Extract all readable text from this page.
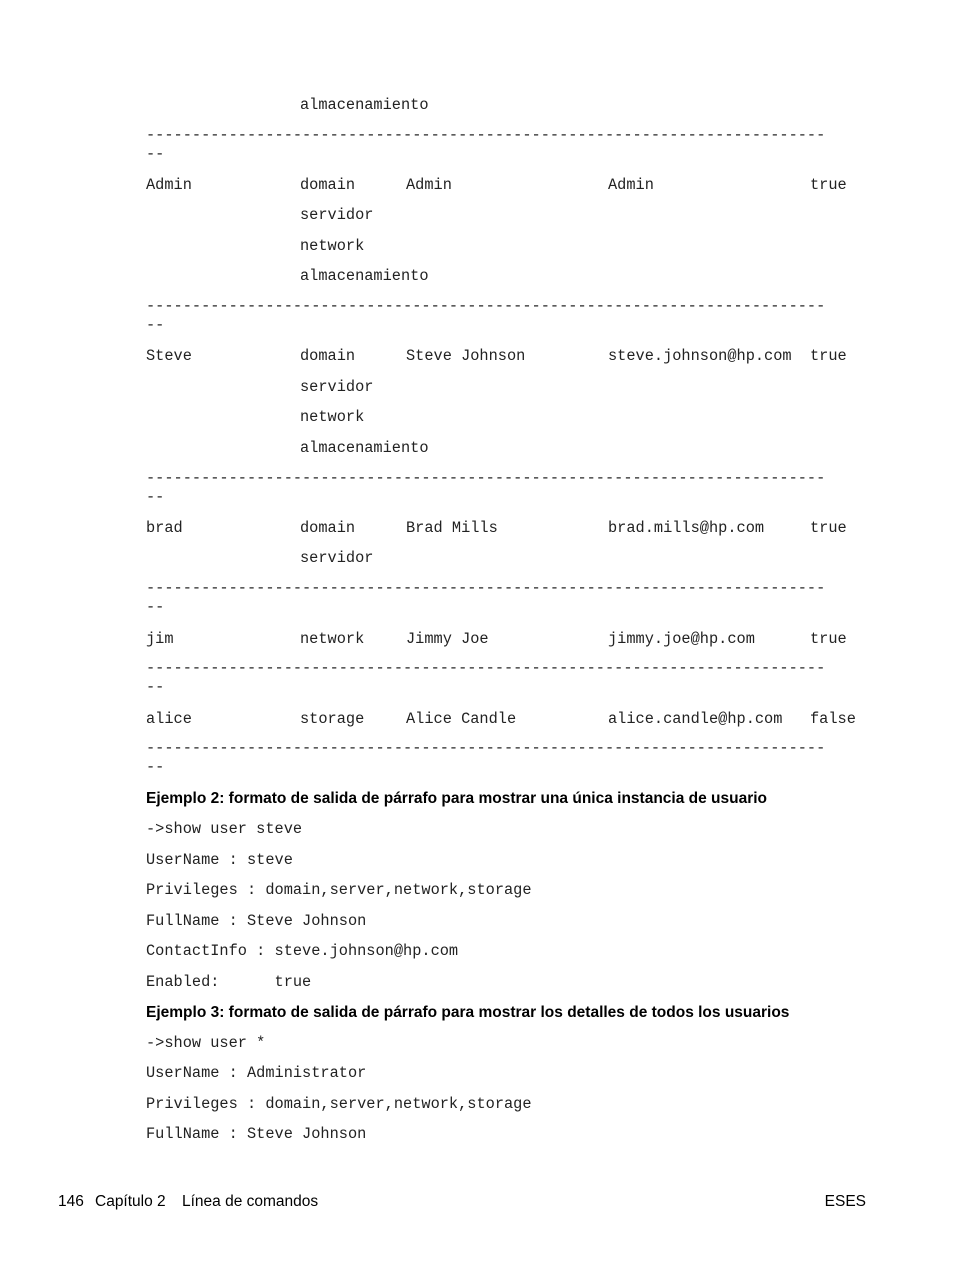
almacenamiento
--------------------------------------------------------------------------
--
Admin	domain	Admin	Admin	true
servidor
network
almacenamiento
--------------------------------------------------------------------------
--
Steve	domain	Steve Johnson	steve.johnson@hp.com true
servidor
network
almacenamiento
--------------------------------------------------------------------------
--
brad	domain	Brad Mills	brad.mills@hp.com	true
servidor
--------------------------------------------------------------------------
--
jim	network	Jimmy Joe	jimmy.joe@hp.com	true
--------------------------------------------------------------------------
--
alice	storage	Alice Candle	alice.candle@hp.com false
--------------------------------------------------------------------------
--
Ejemplo 2: formato de salida de párrafo para mostrar una única instancia de usuario
->show user steve
UserName : steve
Privileges : domain,server,network,storage
FullName : Steve Johnson
ContactInfo : steve.johnson@hp.com
Enabled:      true
Ejemplo 3: formato de salida de párrafo para mostrar los detalles de todos los usuarios
->show user *
UserName : Administrator
Privileges : domain,server,network,storage
FullName : Steve Johnson
146 Capítulo 2 Línea de comandos	ESES
